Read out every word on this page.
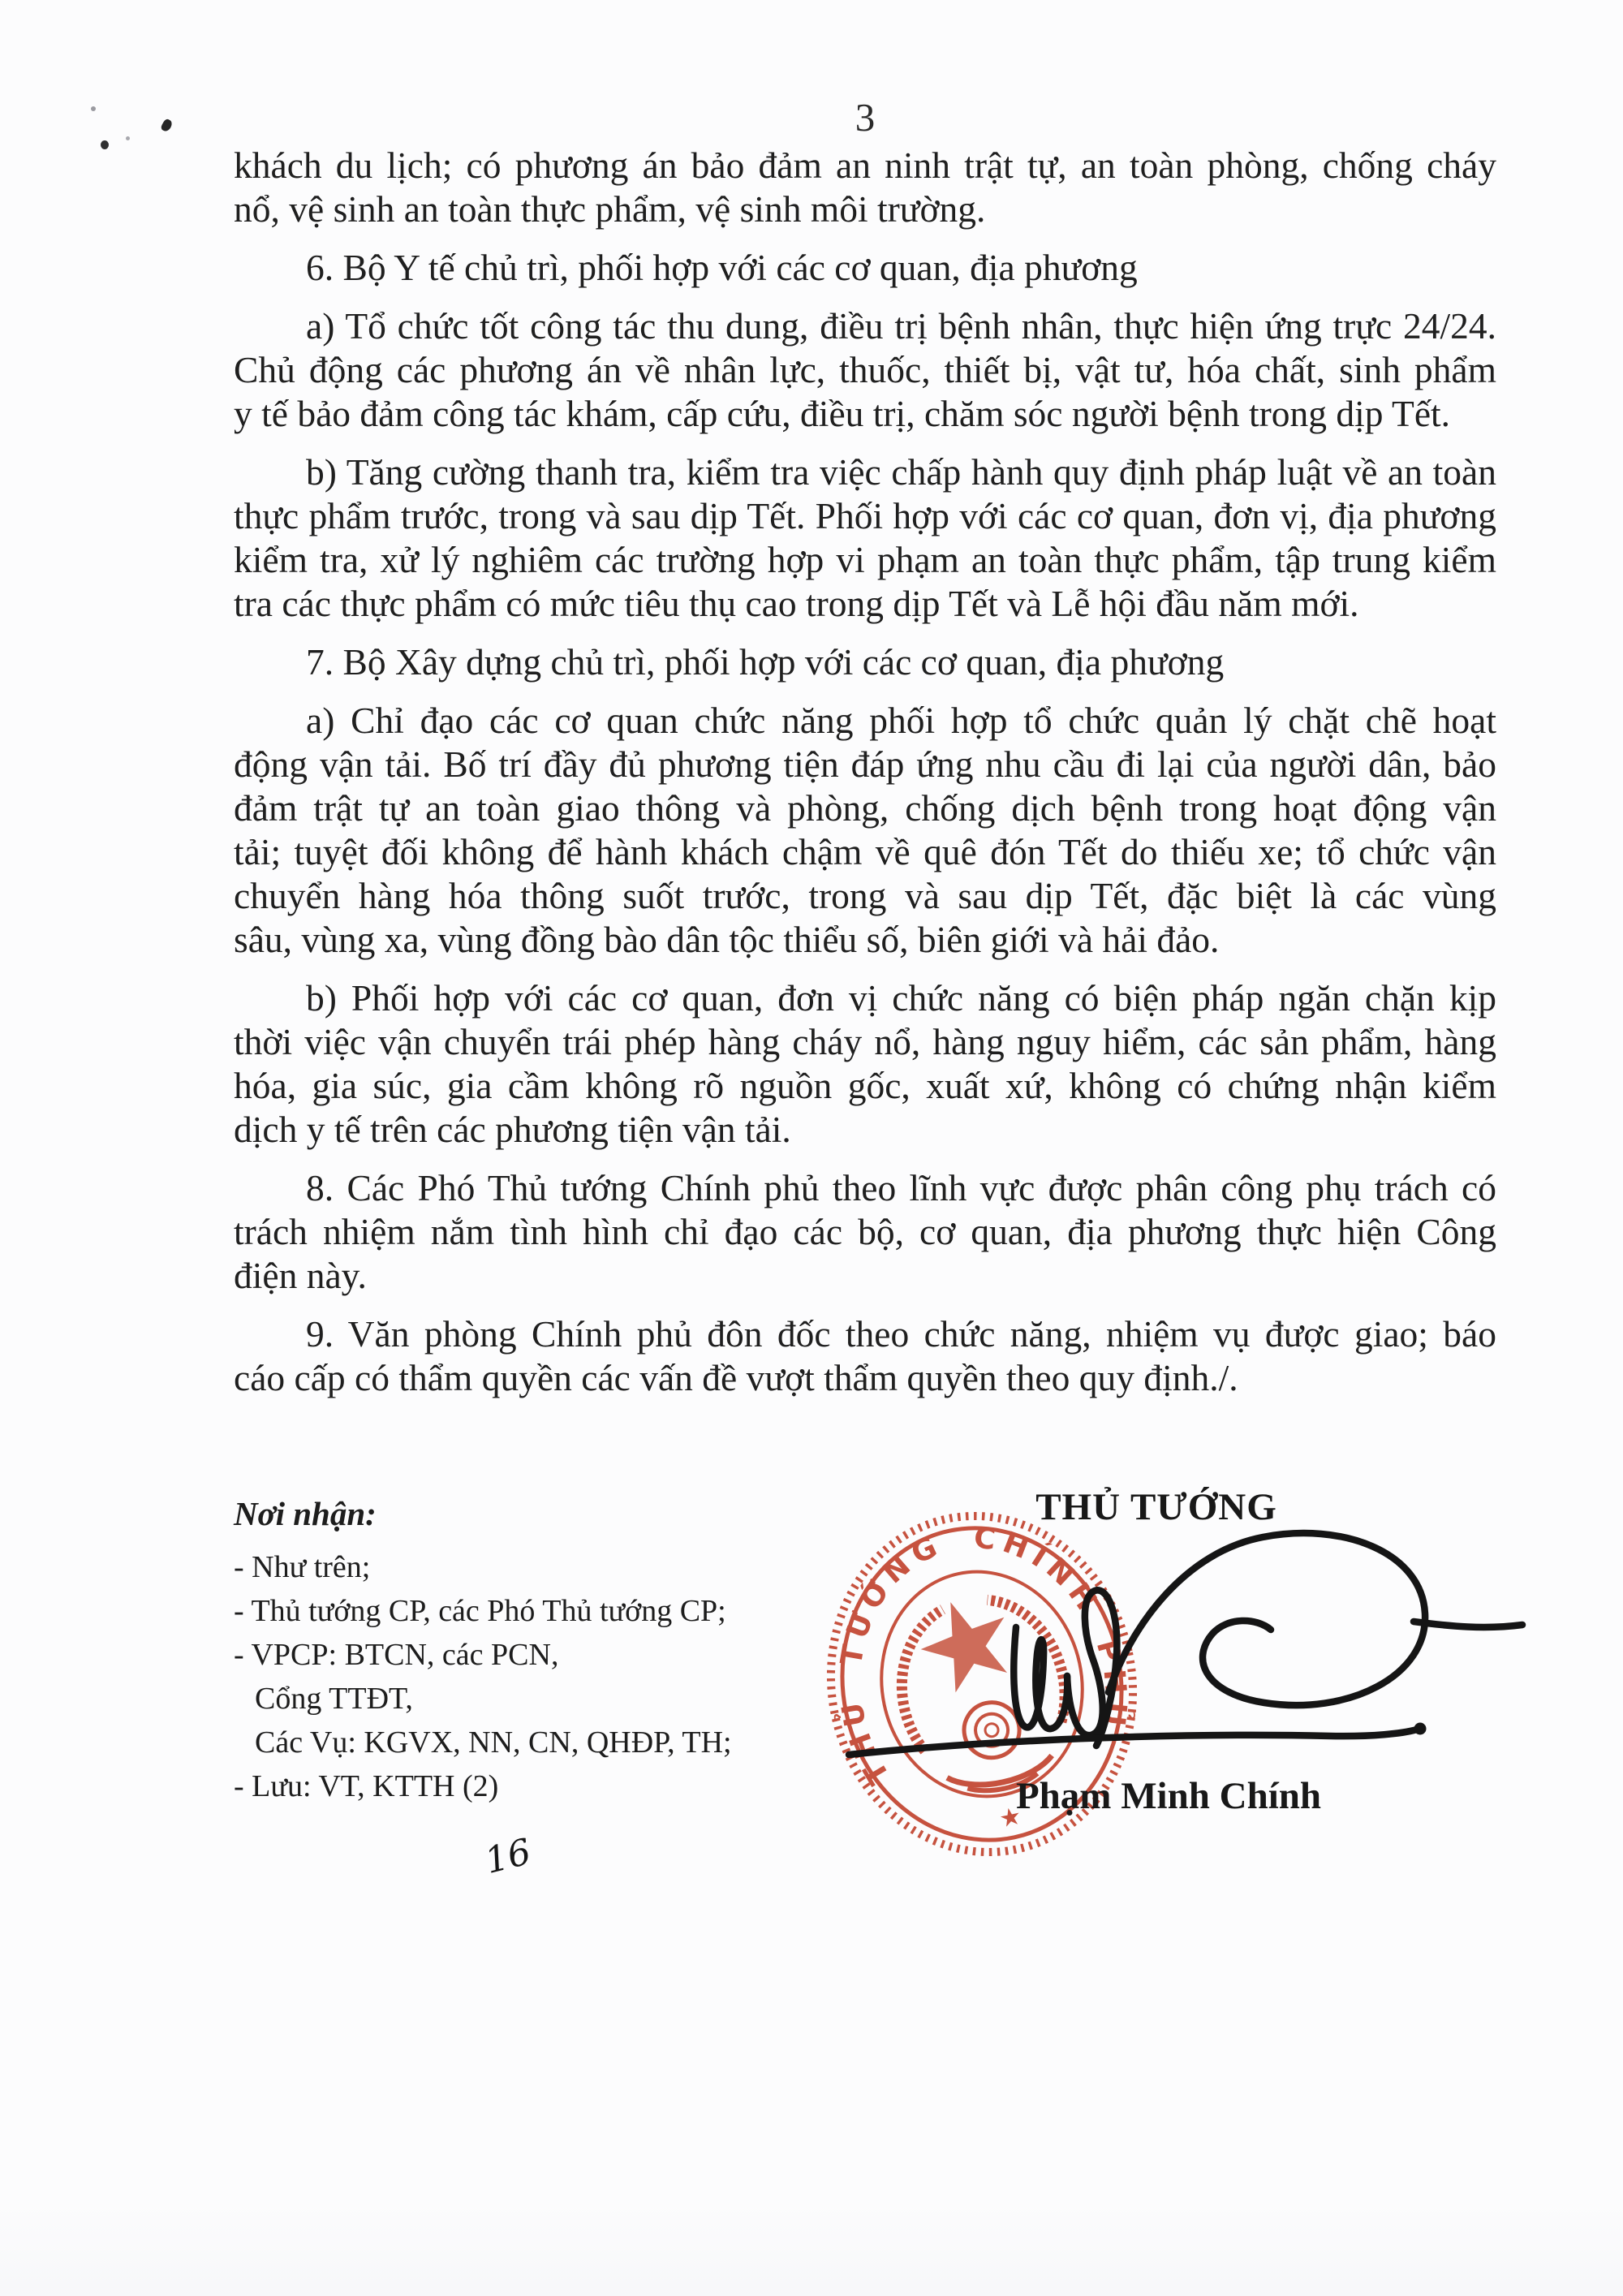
3
khách du lịch; có phương án bảo đảm an ninh trật tự, an toàn phòng, chống cháy
nổ, vệ sinh an toàn thực phẩm, vệ sinh môi trường.
6. Bộ Y tế chủ trì, phối hợp với các cơ quan, địa phương
a) Tổ chức tốt công tác thu dung, điều trị bệnh nhân, thực hiện ứng trực 24/24.
Chủ động các phương án về nhân lực, thuốc, thiết bị, vật tư, hóa chất, sinh phẩm
y tế bảo đảm công tác khám, cấp cứu, điều trị, chăm sóc người bệnh trong dịp Tết.
b) Tăng cường thanh tra, kiểm tra việc chấp hành quy định pháp luật về an toàn
thực phẩm trước, trong và sau dịp Tết. Phối hợp với các cơ quan, đơn vị, địa phương
kiểm tra, xử lý nghiêm các trường hợp vi phạm an toàn thực phẩm, tập trung kiểm
tra các thực phẩm có mức tiêu thụ cao trong dịp Tết và Lễ hội đầu năm mới.
7. Bộ Xây dựng chủ trì, phối hợp với các cơ quan, địa phương
a) Chỉ đạo các cơ quan chức năng phối hợp tổ chức quản lý chặt chẽ hoạt
động vận tải. Bố trí đầy đủ phương tiện đáp ứng nhu cầu đi lại của người dân, bảo
đảm trật tự an toàn giao thông và phòng, chống dịch bệnh trong hoạt động vận
tải; tuyệt đối không để hành khách chậm về quê đón Tết do thiếu xe; tổ chức vận
chuyển hàng hóa thông suốt trước, trong và sau dịp Tết, đặc biệt là các vùng
sâu, vùng xa, vùng đồng bào dân tộc thiểu số, biên giới và hải đảo.
b) Phối hợp với các cơ quan, đơn vị chức năng có biện pháp ngăn chặn kịp
thời việc vận chuyển trái phép hàng cháy nổ, hàng nguy hiểm, các sản phẩm, hàng
hóa, gia súc, gia cầm không rõ nguồn gốc, xuất xứ, không có chứng nhận kiểm
dịch y tế trên các phương tiện vận tải.
8. Các Phó Thủ tướng Chính phủ theo lĩnh vực được phân công phụ trách có
trách nhiệm nắm tình hình chỉ đạo các bộ, cơ quan, địa phương thực hiện Công
điện này.
9. Văn phòng Chính phủ đôn đốc theo chức năng, nhiệm vụ được giao; báo
cáo cấp có thẩm quyền các vấn đề vượt thẩm quyền theo quy định./.
Nơi nhận:
- Như trên;
- Thủ tướng CP, các Phó Thủ tướng CP;
- VPCP: BTCN, các PCN,
Cổng TTĐT,
Các Vụ: KGVX, NN, CN, QHĐP, TH;
- Lưu: VT, KTTH (2)
16
THỦ TƯỚNG
Phạm Minh Chính
THỦ TƯỚNG CHÍNH PHỦ
★
